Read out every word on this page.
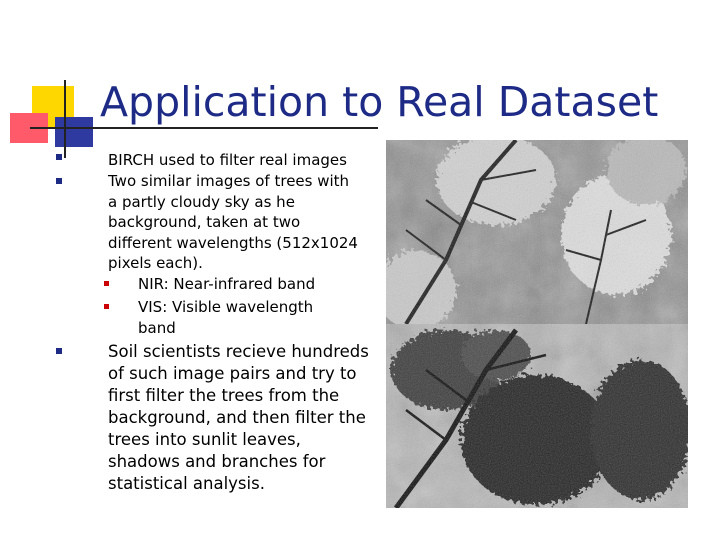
Application to Real Dataset
BIRCH used to filter real images
Two similar images of trees with a partly cloudy sky as he background, taken at two different wavelengths (512x1024 pixels each).
NIR: Near-infrared band
VIS: Visible wavelength band
Soil scientists recieve hundreds of such image pairs and try to first filter the trees from the background, and then filter the trees into sunlit leaves, shadows and branches for statistical analysis.
